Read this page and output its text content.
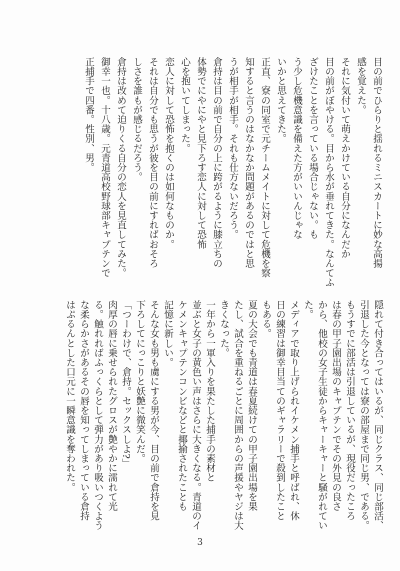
目の前でひらりと揺れるミニスカートに妙な高揚
感を覚えた。
それに気付いて萌えかけている自分になんだか
目の前がぼやける。目から水が垂れてきた。なんてふ
ざけたことを言っている場合じゃない。も
う少し危機意識を備えた方がいいんじゃな
いかと思えてきた。
正直、寮の同室で元チームメイトに対して危機を察
知すると言うのはなかなか問題があるのではと思
うが相手が相手。それも仕方ないだろう。
倉持は目の前で自分の上に跨がるように膝立ちの
体勢でにやにやと見下ろす恋人に対して恐怖
心を抱いてしまった。
恋人に対して恐怖を抱くのは如何なものか。
それは自分でも思うが彼を目の前にすればおそろ
しさを誰もが感じるだろう。
倉持は改めて迫りくる自分の恋人を見直してみた。
御幸一也。十八歳。元青道高校野球部キャプテンで
正捕手で四番。性別、男。
隠れて付き合ってはいるが、同じクラス、同じ部活、
引退した今となっては寮の部屋まで同じ男、である。
もうすでに部活は引退しているが、現役だったころ
は春の甲子園出場のキャプテンでその外見の良さ
から、他校の女子生徒からキャーキャーと騒がれてい
た。
メディアで取り上げられイケメン捕手と呼ばれ、休
日の練習は御幸目当てのギャラリーで殺到したこと
もある。
夏の大会でも青道は春夏続けての甲子園出場を果
たし、試合を重ねるごとに周囲からの声援やヤジは大
きくなった。
一年から一軍入りを果たした捕手の素材と
並ぶと女子の黄色い声はさらに大きくなる。青道のイ
ケメンキャプテンコンビなどと揶揄されたことも
記憶に新しい。
そんな女も男も虜にする男が今、目の前で倉持を見
下ろしてにっこりと妖艶に微笑んだ。
「つーわけで、倉持。セックスしよ?」
肉厚の唇に乗せられたグロスが艶やかに濡れて光
る。触れればふっくらとして弾力があり吸いつくよう
な柔らかさがあるその唇を知ってしまっている倉持
はぷるんとした口元に一瞬意識を奪われた。
3
